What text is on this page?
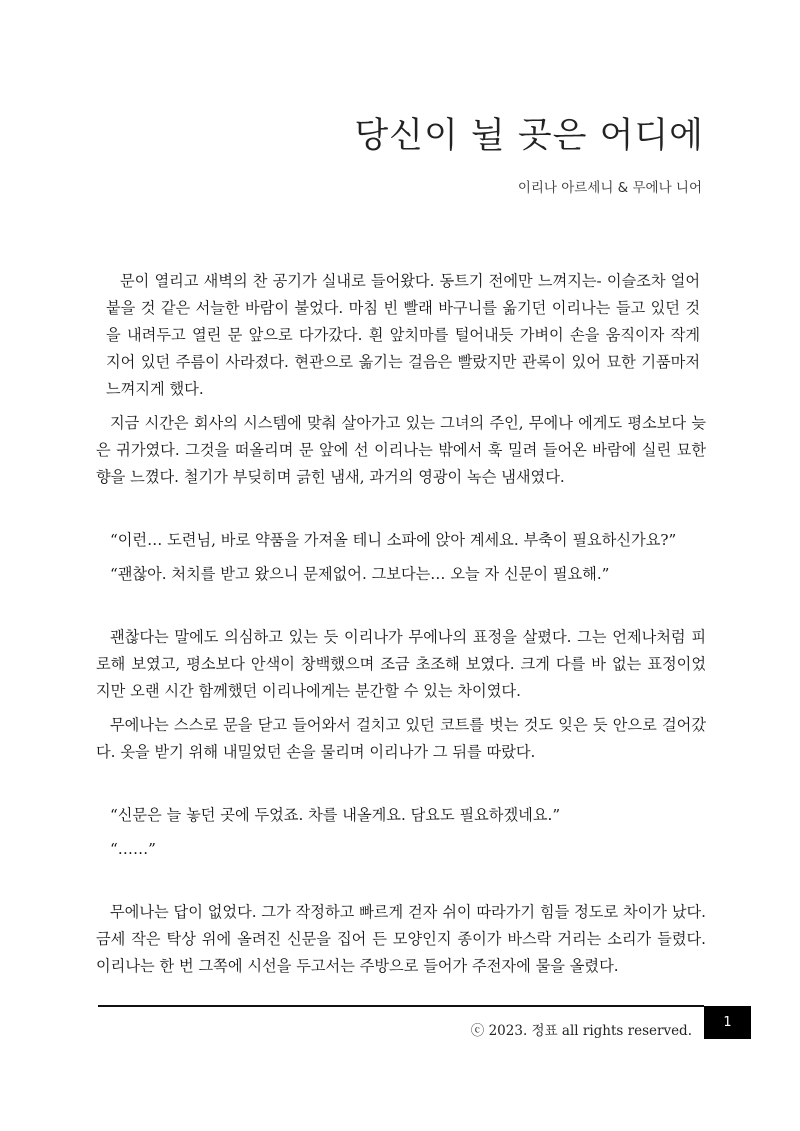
당신이 뉠 곳은 어디에
이리나 아르세니 & 무에나 니어

문이 열리고 새벽의 찬 공기가 실내로 들어왔다. 동트기 전에만 느껴지는- 이슬조차 얼어붙을 것 같은 서늘한 바람이 불었다. 마침 빈 빨래 바구니를 옮기던 이리나는 들고 있던 것을 내려두고 열린 문 앞으로 다가갔다. 흰 앞치마를 털어내듯 가벼이 손을 움직이자 작게 지어 있던 주름이 사라졌다. 현관으로 옮기는 걸음은 빨랐지만 관록이 있어 묘한 기품마저 느껴지게 했다.

지금 시간은 회사의 시스템에 맞춰 살아가고 있는 그녀의 주인, 무에나 에게도 평소보다 늦은 귀가였다. 그것을 떠올리며 문 앞에 선 이리나는 밖에서 훅 밀려 들어온 바람에 실린 묘한 향을 느꼈다. 철기가 부딪히며 긁힌 냄새, 과거의 영광이 녹슨 냄새였다.

“이런… 도련님, 바로 약품을 가져올 테니 소파에 앉아 계세요. 부축이 필요하신가요?”

“괜찮아. 처치를 받고 왔으니 문제없어. 그보다는… 오늘 자 신문이 필요해.”

괜찮다는 말에도 의심하고 있는 듯 이리나가 무에나의 표정을 살폈다. 그는 언제나처럼 피로해 보였고, 평소보다 안색이 창백했으며 조금 초조해 보였다. 크게 다를 바 없는 표정이었지만 오랜 시간 함께했던 이리나에게는 분간할 수 있는 차이였다.

무에나는 스스로 문을 닫고 들어와서 걸치고 있던 코트를 벗는 것도 잊은 듯 안으로 걸어갔다. 옷을 받기 위해 내밀었던 손을 물리며 이리나가 그 뒤를 따랐다.

“신문은 늘 놓던 곳에 두었죠. 차를 내올게요. 담요도 필요하겠네요.”

“……”

무에나는 답이 없었다. 그가 작정하고 빠르게 걷자 쉬이 따라가기 힘들 정도로 차이가 났다. 금세 작은 탁상 위에 올려진 신문을 집어 든 모양인지 종이가 바스락 거리는 소리가 들렸다. 이리나는 한 번 그쪽에 시선을 두고서는 주방으로 들어가 주전자에 물을 올렸다.

ⓒ 2023. 정표 all rights reserved.
1
